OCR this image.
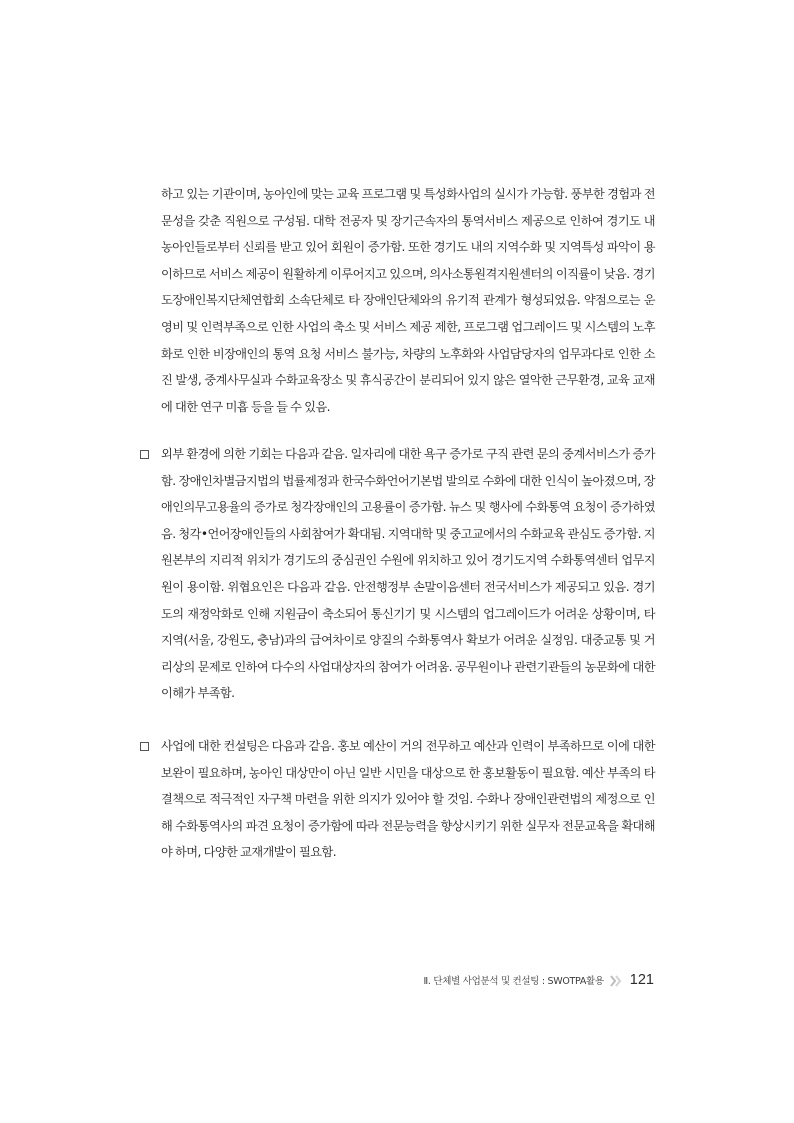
하고 있는 기관이며, 농아인에 맞는 교육 프로그램 및 특성화사업의 실시가 가능함. 풍부한 경험과 전문성을 갖춘 직원으로 구성됨. 대학 전공자 및 장기근속자의 통역서비스 제공으로 인하여 경기도 내 농아인들로부터 신뢰를 받고 있어 회원이 증가함. 또한 경기도 내의 지역수화 및 지역특성 파악이 용이하므로 서비스 제공이 원활하게 이루어지고 있으며, 의사소통원격지원센터의 이직률이 낮음. 경기도장애인복지단체연합회 소속단체로 타 장애인단체와의 유기적 관계가 형성되었음. 약점으로는 운영비 및 인력부족으로 인한 사업의 축소 및 서비스 제공 제한, 프로그램 업그레이드 및 시스템의 노후화로 인한 비장애인의 통역 요청 서비스 불가능, 차량의 노후화와 사업담당자의 업무과다로 인한 소진 발생, 중계사무실과 수화교육장소 및 휴식공간이 분리되어 있지 않은 열악한 근무환경, 교육 교재에 대한 연구 미흡 등을 들 수 있음.

외부 환경에 의한 기회는 다음과 같음. 일자리에 대한 욕구 증가로 구직 관련 문의 중계서비스가 증가함. 장애인차별금지법의 법률제정과 한국수화언어기본법 발의로 수화에 대한 인식이 높아졌으며, 장애인의무고용율의 증가로 청각장애인의 고용률이 증가함. 뉴스 및 행사에 수화통역 요청이 증가하였음. 청각•언어장애인들의 사회참여가 확대됨. 지역대학 및 중고교에서의 수화교육 관심도 증가함. 지원본부의 지리적 위치가 경기도의 중심권인 수원에 위치하고 있어 경기도지역 수화통역센터 업무지원이 용이함. 위협요인은 다음과 같음. 안전행정부 손말이음센터 전국서비스가 제공되고 있음. 경기도의 재정악화로 인해 지원금이 축소되어 통신기기 및 시스템의 업그레이드가 어려운 상황이며, 타 지역(서울, 강원도, 충남)과의 급여차이로 양질의 수화통역사 확보가 어려운 실정임. 대중교통 및 거리상의 문제로 인하여 다수의 사업대상자의 참여가 어려움. 공무원이나 관련기관들의 농문화에 대한 이해가 부족함.

사업에 대한 컨설팅은 다음과 같음. 홍보 예산이 거의 전무하고 예산과 인력이 부족하므로 이에 대한 보완이 필요하며, 농아인 대상만이 아닌 일반 시민을 대상으로 한 홍보활동이 필요함. 예산 부족의 타결책으로 적극적인 자구책 마련을 위한 의지가 있어야 할 것임. 수화나 장애인관련법의 제정으로 인해 수화통역사의 파견 요청이 증가함에 따라 전문능력을 향상시키기 위한 실무자 전문교육을 확대해야 하며, 다양한 교재개발이 필요함.

Ⅱ. 단체별 사업분석 및 컨설팅 : SWOTPA활용 121
